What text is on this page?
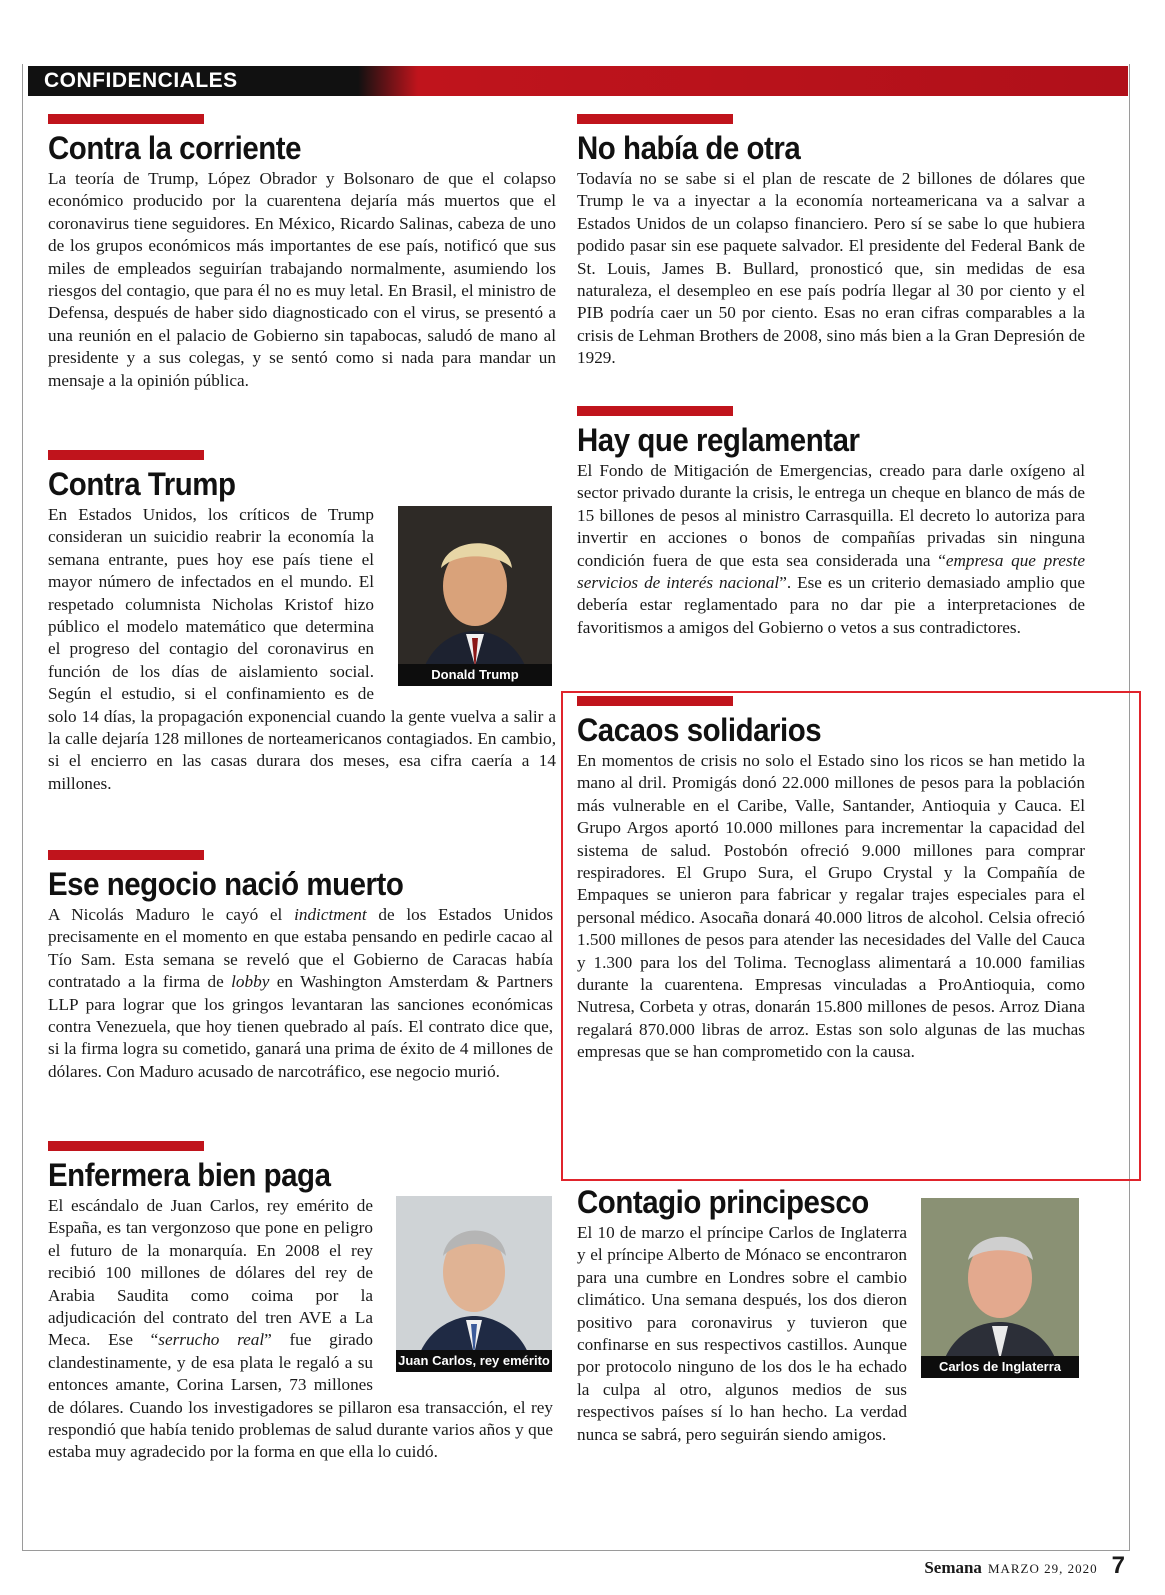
CONFIDENCIALES
Contra la corriente

La teoría de Trump, López Obrador y Bolsonaro de que el colapso económico producido por la cuarentena dejaría más muertos que el coronavirus tiene seguidores. En México, Ricardo Salinas, cabeza de uno de los grupos económicos más importantes de ese país, notificó que sus miles de empleados seguirían trabajando normalmente, asumiendo los riesgos del contagio, que para él no es muy letal. En Brasil, el ministro de Defensa, después de haber sido diagnosticado con el virus, se presentó a una reunión en el palacio de Gobierno sin tapabocas, saludó de mano al presidente y a sus colegas, y se sentó como si nada para mandar un mensaje a la opinión pública.

Contra Trump

En Estados Unidos, los críticos de Trump consideran un suicidio reabrir la economía la semana entrante, pues hoy ese país tiene el mayor número de infectados en el mundo. El respetado columnista Nicholas Kristof hizo público el modelo matemático que determina el progreso del contagio del coronavirus en función de los días de aislamiento social. Según el estudio, si el confinamiento es de solo 14 días, la propagación exponencial cuando la gente vuelva a salir a la calle dejaría 128 millones de norteamericanos contagiados. En cambio, si el encierro en las casas durara dos meses, esa cifra caería a 14 millones.

Donald Trump
Ese negocio nació muerto

A Nicolás Maduro le cayó el indictment de los Estados Unidos precisamente en el momento en que estaba pensando en pedirle cacao al Tío Sam. Esta semana se reveló que el Gobierno de Caracas había contratado a la firma de lobby en Washington Amsterdam & Partners LLP para lograr que los gringos levantaran las sanciones económicas contra Venezuela, que hoy tienen quebrado al país. El contrato dice que, si la firma logra su cometido, ganará una prima de éxito de 4 millones de dólares. Con Maduro acusado de narcotráfico, ese negocio murió.

Enfermera bien paga

El escándalo de Juan Carlos, rey emérito de España, es tan vergonzoso que pone en peligro el futuro de la monarquía. En 2008 el rey recibió 100 millones de dólares del rey de Arabia Saudita como coima por la adjudicación del contrato del tren AVE a La Meca. Ese “serrucho real” fue girado clandestinamente, y de esa plata le regaló a su entonces amante, Corina Larsen, 73 millones de dólares. Cuando los investigadores se pillaron esa transacción, el rey respondió que había tenido problemas de salud durante varios años y que estaba muy agradecido por la forma en que ella lo cuidó.

Juan Carlos, rey emérito
No había de otra

Todavía no se sabe si el plan de rescate de 2 billones de dólares que Trump le va a inyectar a la economía norteamericana va a salvar a Estados Unidos de un colapso financiero. Pero sí se sabe lo que hubiera podido pasar sin ese paquete salvador. El presidente del Federal Bank de St. Louis, James B. Bullard, pronosticó que, sin medidas de esa naturaleza, el desempleo en ese país podría llegar al 30 por ciento y el PIB podría caer un 50 por ciento. Esas no eran cifras comparables a la crisis de Lehman Brothers de 2008, sino más bien a la Gran Depresión de 1929.

Hay que reglamentar

El Fondo de Mitigación de Emergencias, creado para darle oxígeno al sector privado durante la crisis, le entrega un cheque en blanco de más de 15 billones de pesos al ministro Carrasquilla. El decreto lo autoriza para invertir en acciones o bonos de compañías privadas sin ninguna condición fuera de que esta sea considerada una “empresa que preste servicios de interés nacional”. Ese es un criterio demasiado amplio que debería estar reglamentado para no dar pie a interpretaciones de favoritismos a amigos del Gobierno o vetos a sus contradictores.

Cacaos solidarios

En momentos de crisis no solo el Estado sino los ricos se han metido la mano al dril. Promigás donó 22.000 millones de pesos para la población más vulnerable en el Caribe, Valle, Santander, Antioquia y Cauca. El Grupo Argos aportó 10.000 millones para incrementar la capacidad del sistema de salud. Postobón ofreció 9.000 millones para comprar respiradores. El Grupo Sura, el Grupo Crystal y la Compañía de Empaques se unieron para fabricar y regalar trajes especiales para el personal médico. Asocaña donará 40.000 litros de alcohol. Celsia ofreció 1.500 millones de pesos para atender las necesidades del Valle del Cauca y 1.300 para los del Tolima. Tecnoglass alimentará a 10.000 familias durante la cuarentena. Empresas vinculadas a ProAntioquia, como Nutresa, Corbeta y otras, donarán 15.800 millones de pesos. Arroz Diana regalará 870.000 libras de arroz. Estas son solo algunas de las muchas empresas que se han comprometido con la causa.

Contagio principesco

El 10 de marzo el príncipe Carlos de Inglaterra y el príncipe Alberto de Mónaco se encontraron para una cumbre en Londres sobre el cambio climático. Una semana después, los dos dieron positivo para coronavirus y tuvieron que confinarse en sus respectivos castillos. Aunque por protocolo ninguno de los dos le ha echado la culpa al otro, algunos medios de sus respectivos países sí lo han hecho. La verdad nunca se sabrá, pero seguirán siendo amigos.

Carlos de Inglaterra
Semana MARZO 29, 2020 7
